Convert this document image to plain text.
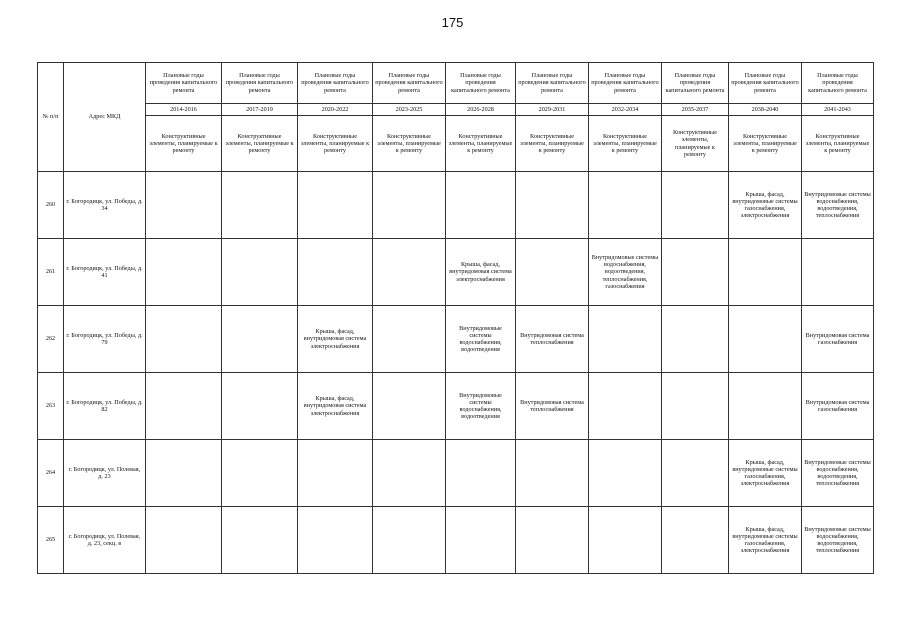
175
№ п/п	Адрес МКД	Плановые годы проведения капитального ремонта	Плановые годы проведения капитального ремонта	Плановые годы проведения капитального ремонта	Плановые годы проведения капитального ремонта	Плановые годы проведения капитального ремонта	Плановые годы проведения капитального ремонта	Плановые годы проведения капитального ремонта	Плановые годы проведения капитального ремонта	Плановые годы проведения капитального ремонта	Плановые годы проведения капитального ремонта
		2014-2016	2017-2019	2020-2022	2023-2025	2026-2028	2029-2031	2032-2034	2035-2037	2038-2040	2041-2043
		Конструктивные элементы, планируемые к ремонту	Конструктивные элементы, планируемые к ремонту	Конструктивные элементы, планируемые к ремонту	Конструктивные элементы, планируемые к ремонту	Конструктивные элементы, планируемые к ремонту	Конструктивные элементы, планируемые к ремонту	Конструктивные элементы, планируемые к ремонту	Конструктивные элементы, планируемые к ремонту	Конструктивные элементы, планируемые к ремонту	Конструктивные элементы, планируемые к ремонту
260	г. Богородицк, ул. Победы, д. 34									Крыша, фасад, внутридомовые системы газоснабжения, электроснабжения	Внутридомовые системы водоснабжения, водоотведения, теплоснабжения
261	г. Богородицк, ул. Победы, д. 41					Крыша, фасад, внутридомовая система электроснабжения		Внутридомовые системы водоснабжения, водоотведения, теплоснабжения, газоснабжения			
262	г. Богородицк, ул. Победы, д. 79			Крыша, фасад, внутридомовая система электроснабжения		Внутридомовые системы водоснабжения, водоотведения	Внутридомовая система теплоснабжения				Внутридомовая система газоснабжения
263	г. Богородицк, ул. Победы, д. 82			Крыша, фасад, внутридомовая система электроснабжения		Внутридомовые системы водоснабжения, водоотведения	Внутридомовая система теплоснабжения				Внутридомовая система газоснабжения
264	г. Богородицк, ул. Полевая, д. 23									Крыша, фасад, внутридомовые системы газоснабжения, электроснабжения	Внутридомовые системы водоснабжения, водоотведения, теплоснабжения
265	г. Богородицк, ул. Полевая, д. 23, секц. в									Крыша, фасад, внутридомовые системы газоснабжения, электроснабжения	Внутридомовые системы водоснабжения, водоотведения, теплоснабжения
